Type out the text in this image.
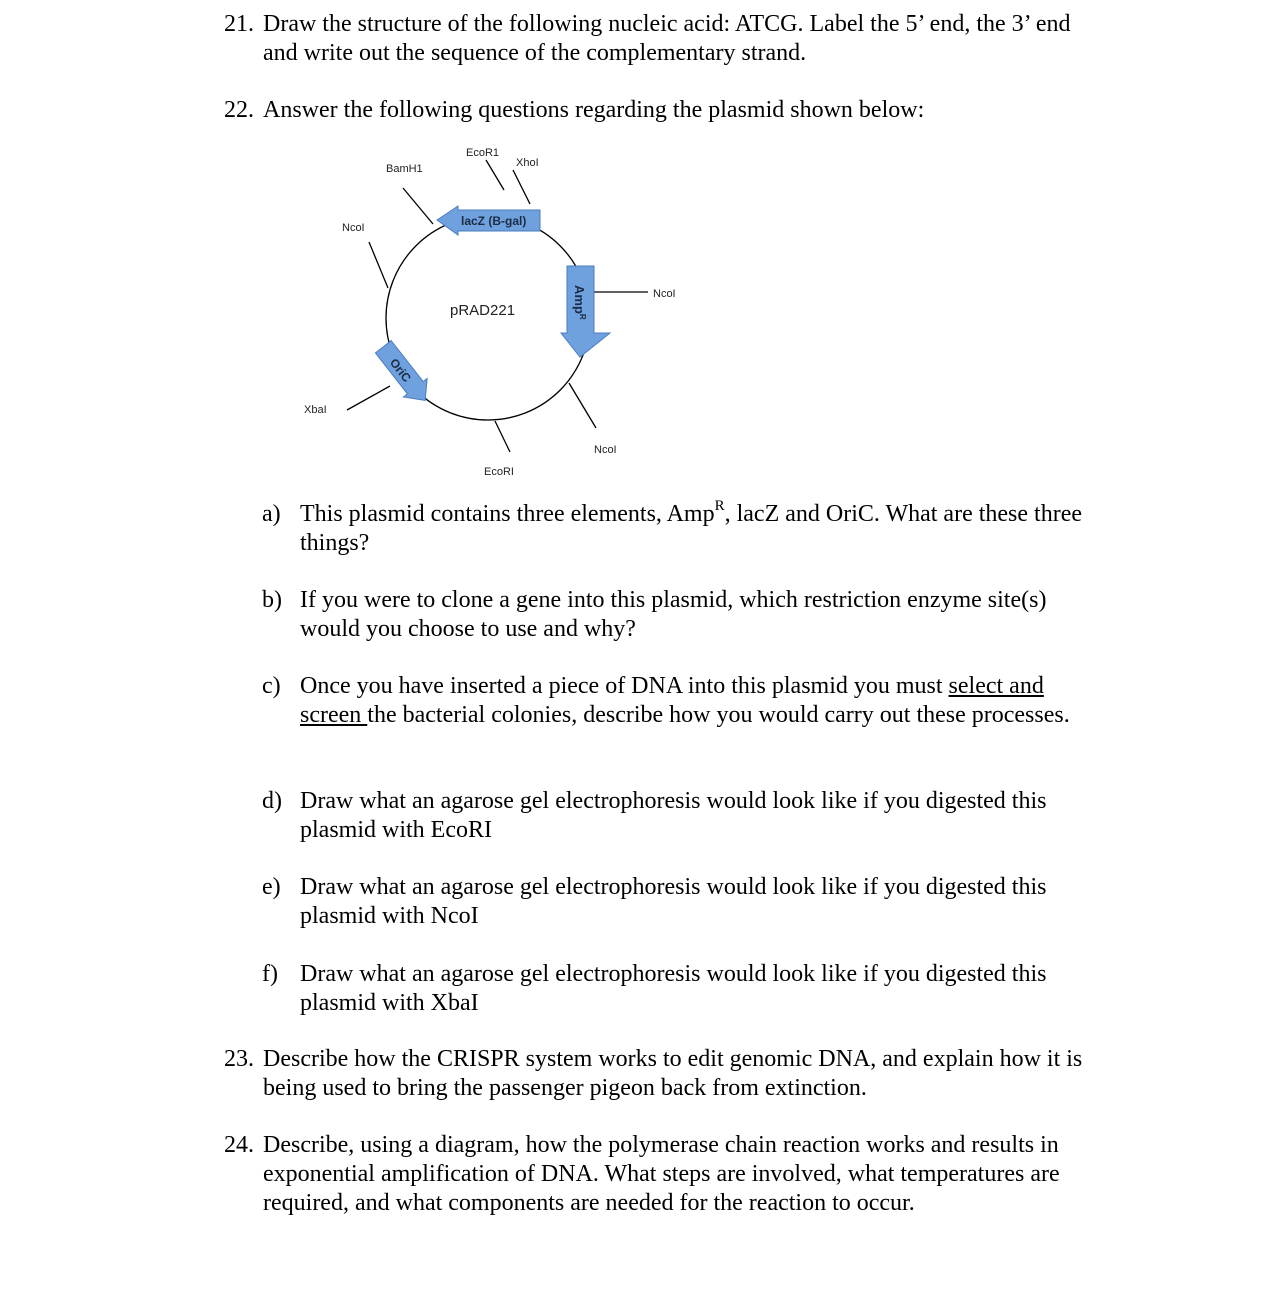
21. Draw the structure of the following nucleic acid: ATCG. Label the 5’ end, the 3’ end and write out the sequence of the complementary strand.
22. Answer the following questions regarding the plasmid shown below:
lacZ (B-gal)
Amp$^R$
OriC
pRAD221
EcoR1
XhoI
BamH1
NcoI
NcoI
XbaI
NcoI
EcoRI
a) This plasmid contains three elements, Amp$^R$, lacZ and OriC. What are these three things?
b) If you were to clone a gene into this plasmid, which restriction enzyme site(s) would you choose to use and why?
c) Once you have inserted a piece of DNA into this plasmid you must select and screen the bacterial colonies, describe how you would carry out these processes.
d) Draw what an agarose gel electrophoresis would look like if you digested this plasmid with EcoRI
e) Draw what an agarose gel electrophoresis would look like if you digested this plasmid with NcoI
f) Draw what an agarose gel electrophoresis would look like if you digested this plasmid with XbaI
23. Describe how the CRISPR system works to edit genomic DNA, and explain how it is being used to bring the passenger pigeon back from extinction.
24. Describe, using a diagram, how the polymerase chain reaction works and results in exponential amplification of DNA. What steps are involved, what temperatures are required, and what components are needed for the reaction to occur.
